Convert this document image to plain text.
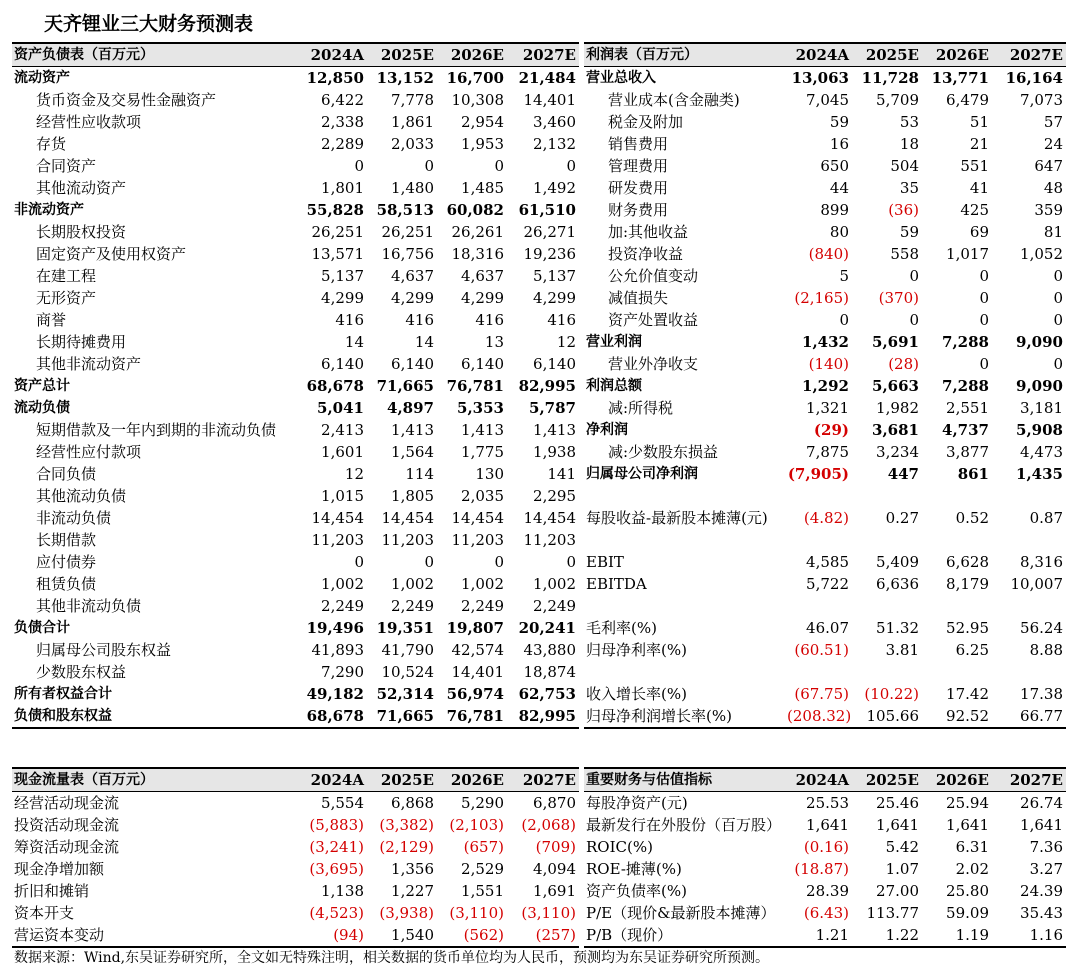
天齐锂业三大财务预测表
资产负债表（百万元）	2024A	2025E	2026E	2027E
流动资产	12,850	13,152	16,700	21,484
货币资金及交易性金融资产	6,422	7,778	10,308	14,401
经营性应收款项	2,338	1,861	2,954	3,460
存货	2,289	2,033	1,953	2,132
合同资产	0	0	0	0
其他流动资产	1,801	1,480	1,485	1,492
非流动资产	55,828	58,513	60,082	61,510
长期股权投资	26,251	26,251	26,261	26,271
固定资产及使用权资产	13,571	16,756	18,316	19,236
在建工程	5,137	4,637	4,637	5,137
无形资产	4,299	4,299	4,299	4,299
商誉	416	416	416	416
长期待摊费用	14	14	13	12
其他非流动资产	6,140	6,140	6,140	6,140
资产总计	68,678	71,665	76,781	82,995
流动负债	5,041	4,897	5,353	5,787
短期借款及一年内到期的非流动负债	2,413	1,413	1,413	1,413
经营性应付款项	1,601	1,564	1,775	1,938
合同负债	12	114	130	141
其他流动负债	1,015	1,805	2,035	2,295
非流动负债	14,454	14,454	14,454	14,454
长期借款	11,203	11,203	11,203	11,203
应付债券	0	0	0	0
租赁负债	1,002	1,002	1,002	1,002
其他非流动负债	2,249	2,249	2,249	2,249
负债合计	19,496	19,351	19,807	20,241
归属母公司股东权益	41,893	41,790	42,574	43,880
少数股东权益	7,290	10,524	14,401	18,874
所有者权益合计	49,182	52,314	56,974	62,753
负债和股东权益	68,678	71,665	76,781	82,995
利润表（百万元）	2024A	2025E	2026E	2027E
营业总收入	13,063	11,728	13,771	16,164
营业成本(含金融类)	7,045	5,709	6,479	7,073
税金及附加	59	53	51	57
销售费用	16	18	21	24
管理费用	650	504	551	647
研发费用	44	35	41	48
财务费用	899	(36)	425	359
加:其他收益	80	59	69	81
投资净收益	(840)	558	1,017	1,052
公允价值变动	5	0	0	0
减值损失	(2,165)	(370)	0	0
资产处置收益	0	0	0	0
营业利润	1,432	5,691	7,288	9,090
营业外净收支	(140)	(28)	0	0
利润总额	1,292	5,663	7,288	9,090
减:所得税	1,321	1,982	2,551	3,181
净利润	(29)	3,681	4,737	5,908
减:少数股东损益	7,875	3,234	3,877	4,473
归属母公司净利润	(7,905)	447	861	1,435

每股收益-最新股本摊薄(元)	(4.82)	0.27	0.52	0.87

EBIT	4,585	5,409	6,628	8,316
EBITDA	5,722	6,636	8,179	10,007

毛利率(%)	46.07	51.32	52.95	56.24
归母净利率(%)	(60.51)	3.81	6.25	8.88

收入增长率(%)	(67.75)	(10.22)	17.42	17.38
归母净利润增长率(%)	(208.32)	105.66	92.52	66.77
现金流量表（百万元）	2024A	2025E	2026E	2027E
经营活动现金流	5,554	6,868	5,290	6,870
投资活动现金流	(5,883)	(3,382)	(2,103)	(2,068)
筹资活动现金流	(3,241)	(2,129)	(657)	(709)
现金净增加额	(3,695)	1,356	2,529	4,094
折旧和摊销	1,138	1,227	1,551	1,691
资本开支	(4,523)	(3,938)	(3,110)	(3,110)
营运资本变动	(94)	1,540	(562)	(257)
重要财务与估值指标	2024A	2025E	2026E	2027E
每股净资产(元)	25.53	25.46	25.94	26.74
最新发行在外股份（百万股）	1,641	1,641	1,641	1,641
ROIC(%)	(0.16)	5.42	6.31	7.36
ROE-摊薄(%)	(18.87)	1.07	2.02	3.27
资产负债率(%)	28.39	27.00	25.80	24.39
P/E（现价&最新股本摊薄）	(6.43)	113.77	59.09	35.43
P/B（现价）	1.21	1.22	1.19	1.16
数据来源：Wind,东吴证券研究所，全文如无特殊注明，相关数据的货币单位均为人民币，预测均为东吴证券研究所预测。
